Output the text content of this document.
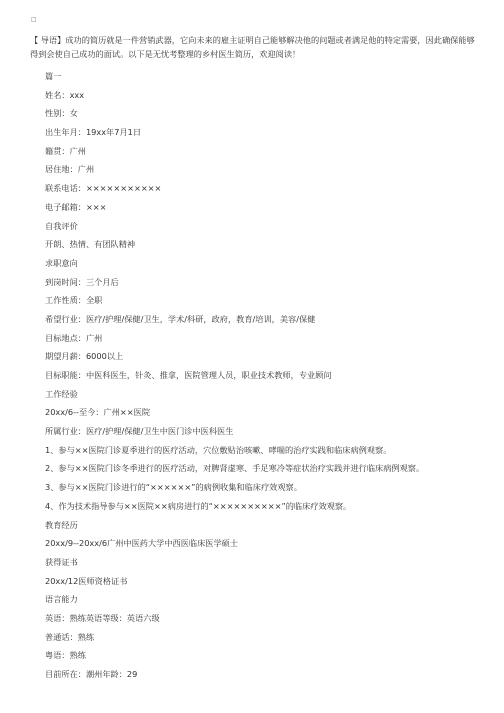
□
【 导语】成功的简历就是一件营销武器，它向未来的雇主证明自己能够解决他的问题或者满足他的特定需要，因此确保能够得到会使自己成功的面试。以下是无忧考整理的乡村医生简历，欢迎阅读！
篇一
姓名：xxx
性别：女
出生年月：19xx年7月1日
籍贯：广州
居住地：广州
联系电话：×××××××××××
电子邮箱：×××
自我评价
开朗、热情、有团队精神
求职意向
到岗时间：三个月后
工作性质：全职
希望行业：医疗/护理/保健/卫生，学术/科研，政府，教育/培训，美容/保健
目标地点：广州
期望月薪：6000以上
目标职能：中医科医生，针灸、推拿，医院管理人员，职业技术教师，专业顾问
工作经验
20xx/6--至今：广州××医院
所属行业：医疗/护理/保健/卫生中医门诊中医科医生
1、参与××医院门诊夏季进行的医疗活动，穴位敷贴治咳嗽、哮喘的治疗实践和临床病例观察。
2、参与××医院门诊冬季进行的医疗活动，对脾肾虚寒、手足寒冷等症状治疗实践并进行临床病例观察。
3、参与××医院门诊进行的“××××××”的病例收集和临床疗效观察。
4、作为技术指导参与××医院××病房进行的“××××××××××”的临床疗效观察。
教育经历
20xx/9--20xx/6广州中医药大学中西医临床医学硕士
获得证书
20xx/12医师资格证书
语言能力
英语：熟练英语等级：英语六级
普通话：熟练
粤语：熟练
目前所在：潮州年龄：29
